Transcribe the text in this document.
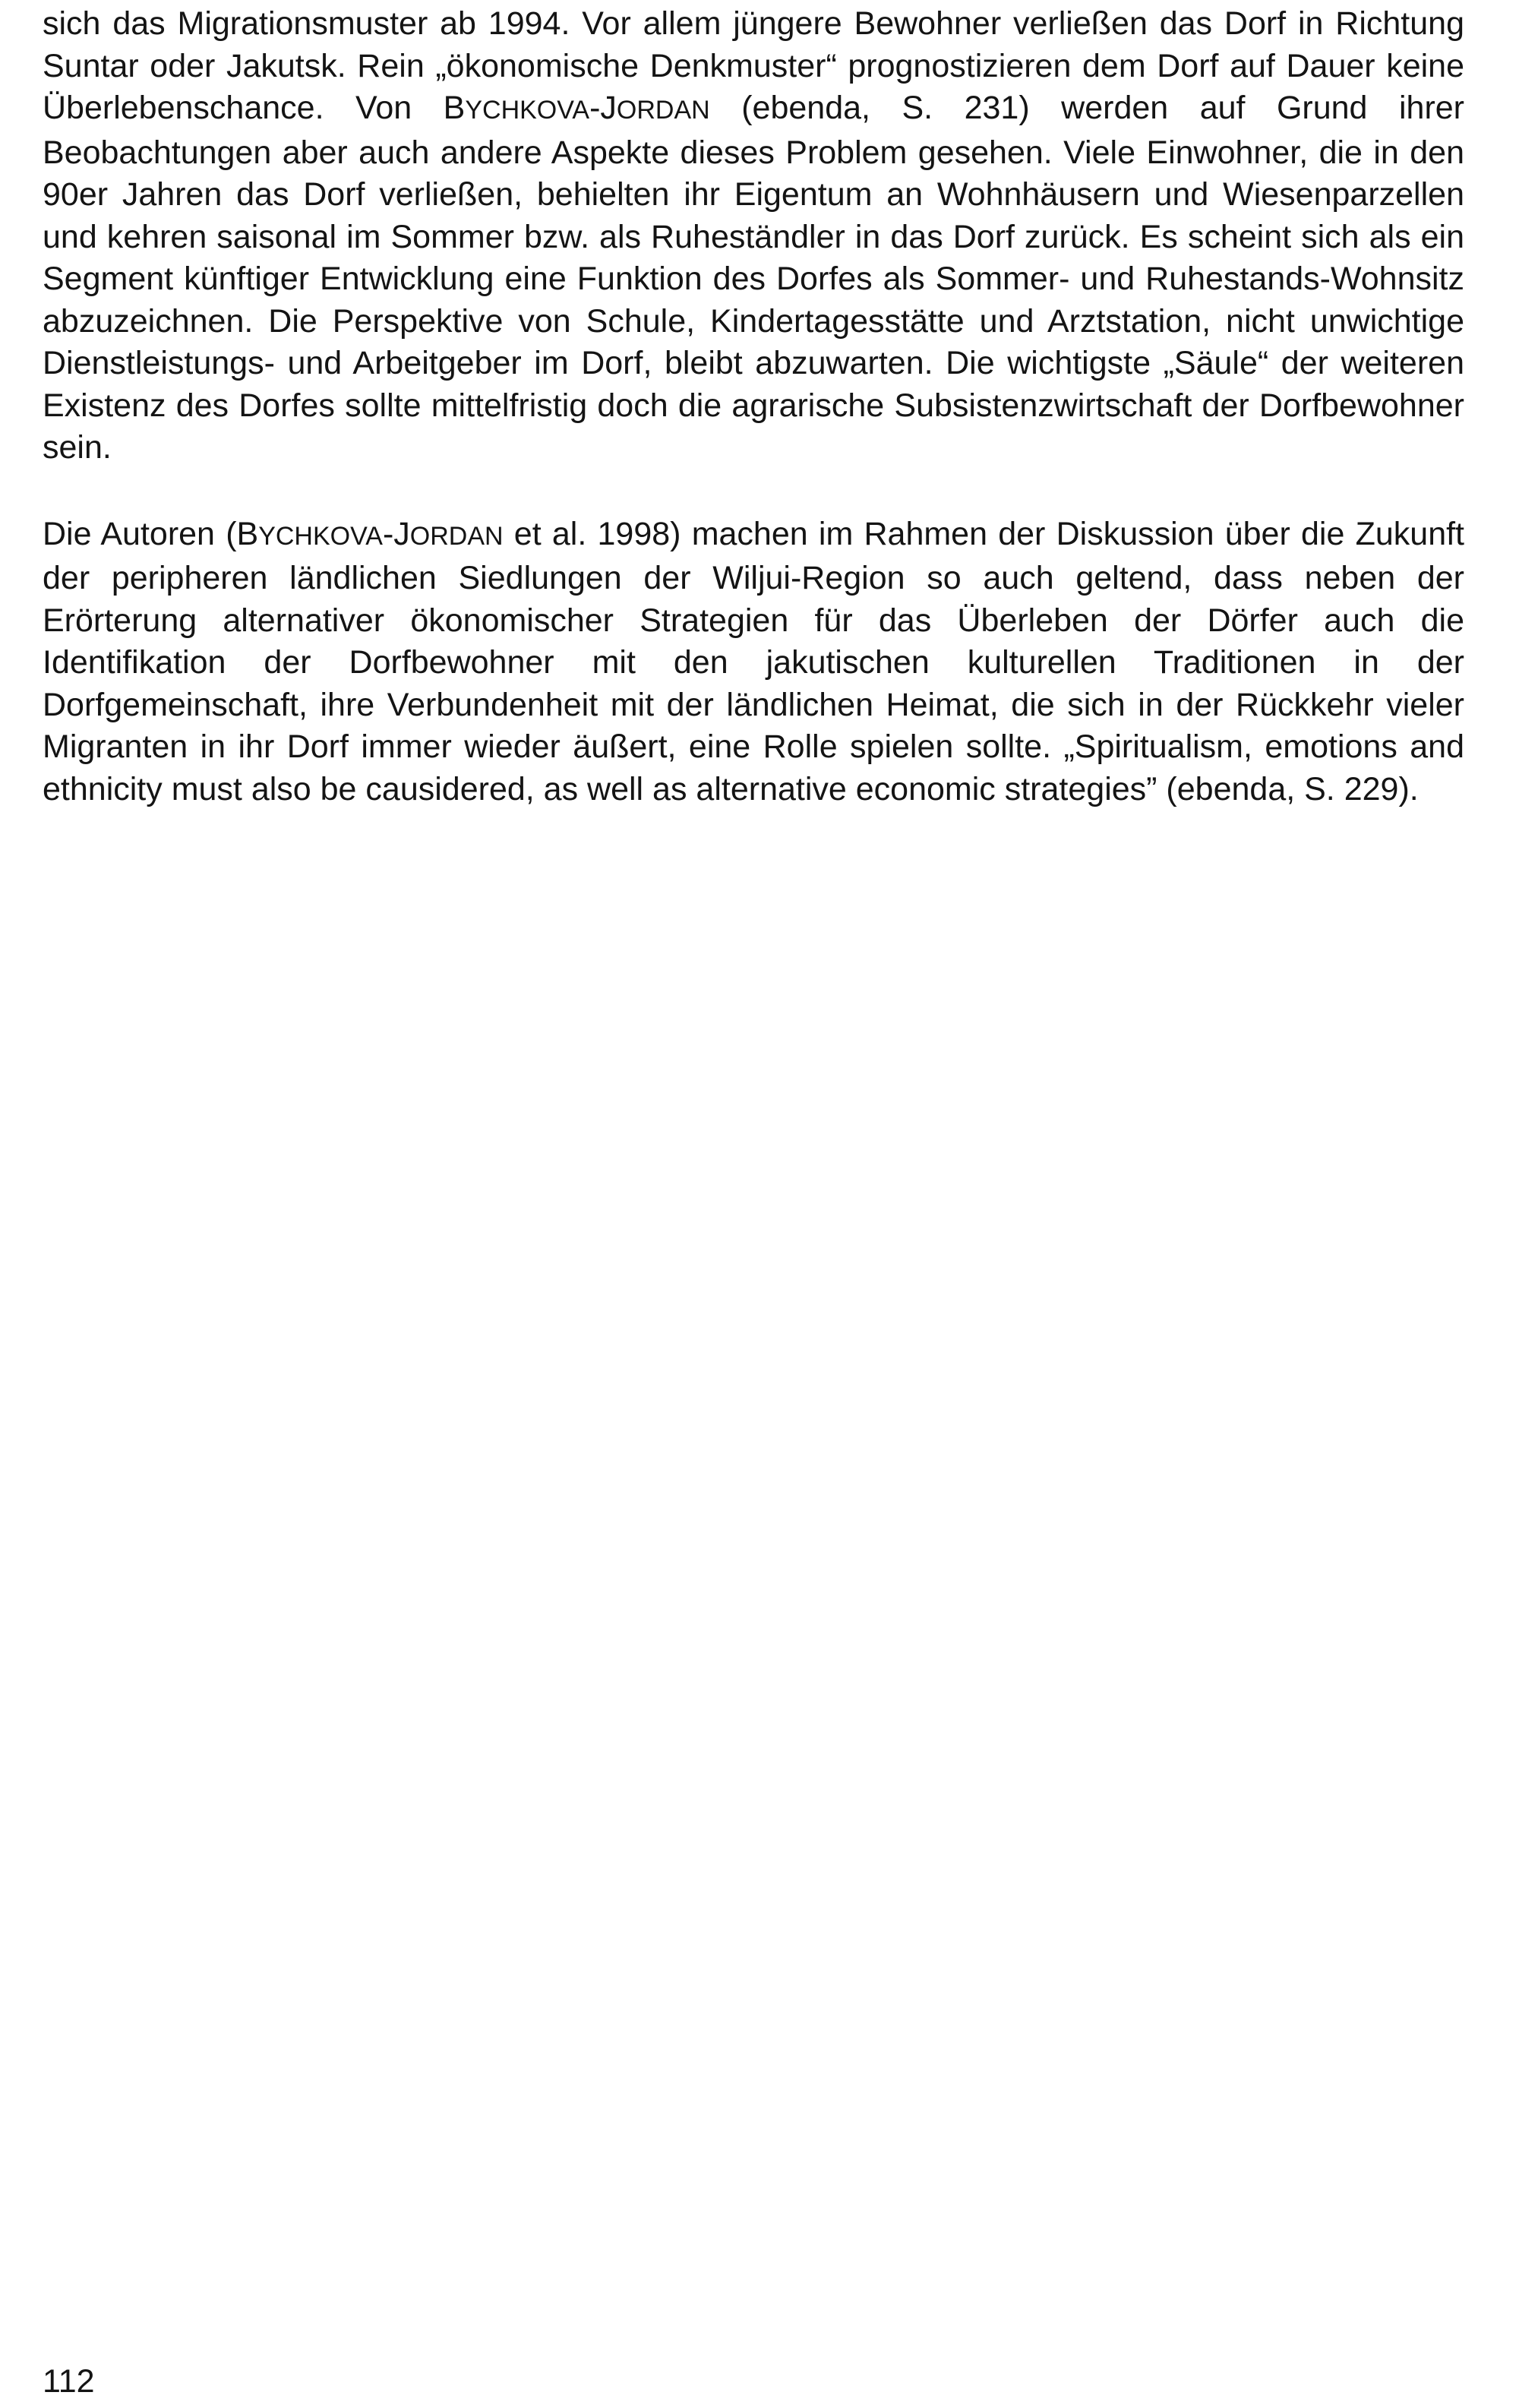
sich das Migrationsmuster ab 1994. Vor allem jüngere Bewohner verließen das Dorf in Richtung Suntar oder Jakutsk. Rein „ökonomische Denkmuster“ prognostizieren dem Dorf auf Dauer keine Überlebenschance. Von BYCHKOVA-JORDAN (ebenda, S. 231) werden auf Grund ihrer Beobachtungen aber auch andere Aspekte dieses Problem gesehen. Viele Einwohner, die in den 90er Jahren das Dorf verließen, behielten ihr Eigentum an Wohnhäusern und Wiesenparzellen und kehren saisonal im Sommer bzw. als Ruheständler in das Dorf zurück. Es scheint sich als ein Segment künftiger Entwicklung eine Funktion des Dorfes als Sommer- und Ruhestands-Wohnsitz abzuzeichnen. Die Perspektive von Schule, Kindertagesstätte und Arztstation, nicht unwichtige Dienstleistungs- und Arbeitgeber im Dorf, bleibt abzuwarten. Die wichtigste „Säule“ der weiteren Existenz des Dorfes sollte mittelfristig doch die agrarische Subsistenzwirtschaft der Dorfbewohner sein.

Die Autoren (BYCHKOVA-JORDAN et al. 1998) machen im Rahmen der Diskussion über die Zukunft der peripheren ländlichen Siedlungen der Wiljui-Region so auch geltend, dass neben der Erörterung alternativer ökonomischer Strategien für das Überleben der Dörfer auch die Identifikation der Dorfbewohner mit den jakutischen kulturellen Traditionen in der Dorfgemeinschaft, ihre Verbundenheit mit der ländlichen Heimat, die sich in der Rückkehr vieler Migranten in ihr Dorf immer wieder äußert, eine Rolle spielen sollte. „Spiritualism, emotions and ethnicity must also be causidered, as well as alternative economic strategies” (ebenda, S. 229).

112
